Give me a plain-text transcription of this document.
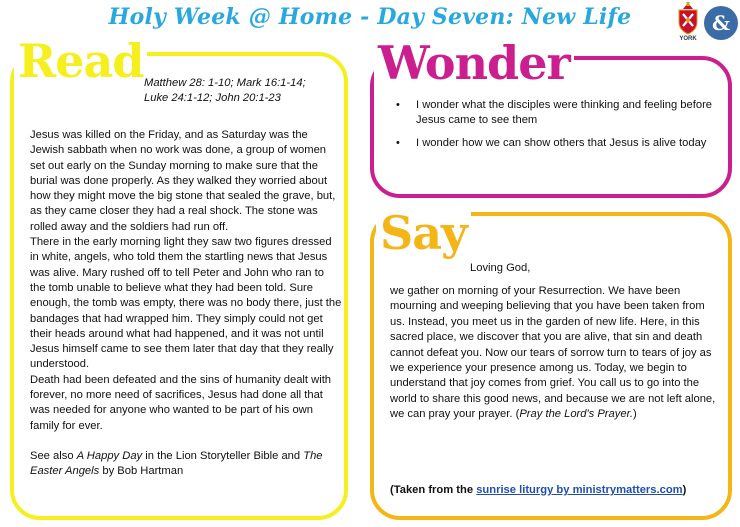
Holy Week @ Home - Day Seven: New Life
YORK
&
Read	Wonder
Say
Matthew 28: 1-10; Mark 16:1-14;
Luke 24:1-12; John 20:1-23

Jesus was killed on the Friday, and as Saturday was the Jewish sabbath when no work was done, a group of women set out early on the Sunday morning to make sure that the burial was done properly. As they walked they worried about how they might move the big stone that sealed the grave, but, as they came closer they had a real shock. The stone was rolled away and the soldiers had run off.

There in the early morning light they saw two figures dressed in white, angels, who told them the startling news that Jesus was alive. Mary rushed off to tell Peter and John who ran to the tomb unable to believe what they had been told. Sure enough, the tomb was empty, there was no body there, just the bandages that had wrapped him. They simply could not get their heads around what had happened, and it was not until Jesus himself came to see them later that day that they really understood.

Death had been defeated and the sins of humanity dealt with forever, no more need of sacrifices, Jesus had done all that was needed for anyone who wanted to be part of his own family for ever.

See also A Happy Day in the Lion Storyteller Bible and The Easter Angels by Bob Hartman

• I wonder what the disciples were thinking and feeling before Jesus came to see them
• I wonder how we can show others that Jesus is alive today
Loving God,
we gather on morning of your Resurrection. We have been mourning and weeping believing that you have been taken from us. Instead, you meet us in the garden of new life. Here, in this sacred place, we discover that you are alive, that sin and death cannot defeat you. Now our tears of sorrow turn to tears of joy as we experience your presence among us. Today, we begin to understand that joy comes from grief. You call us to go into the world to share this good news, and because we are not left alone, we can pray your prayer. (Pray the Lord's Prayer.)
(Taken from the sunrise liturgy by ministrymatters.com)
